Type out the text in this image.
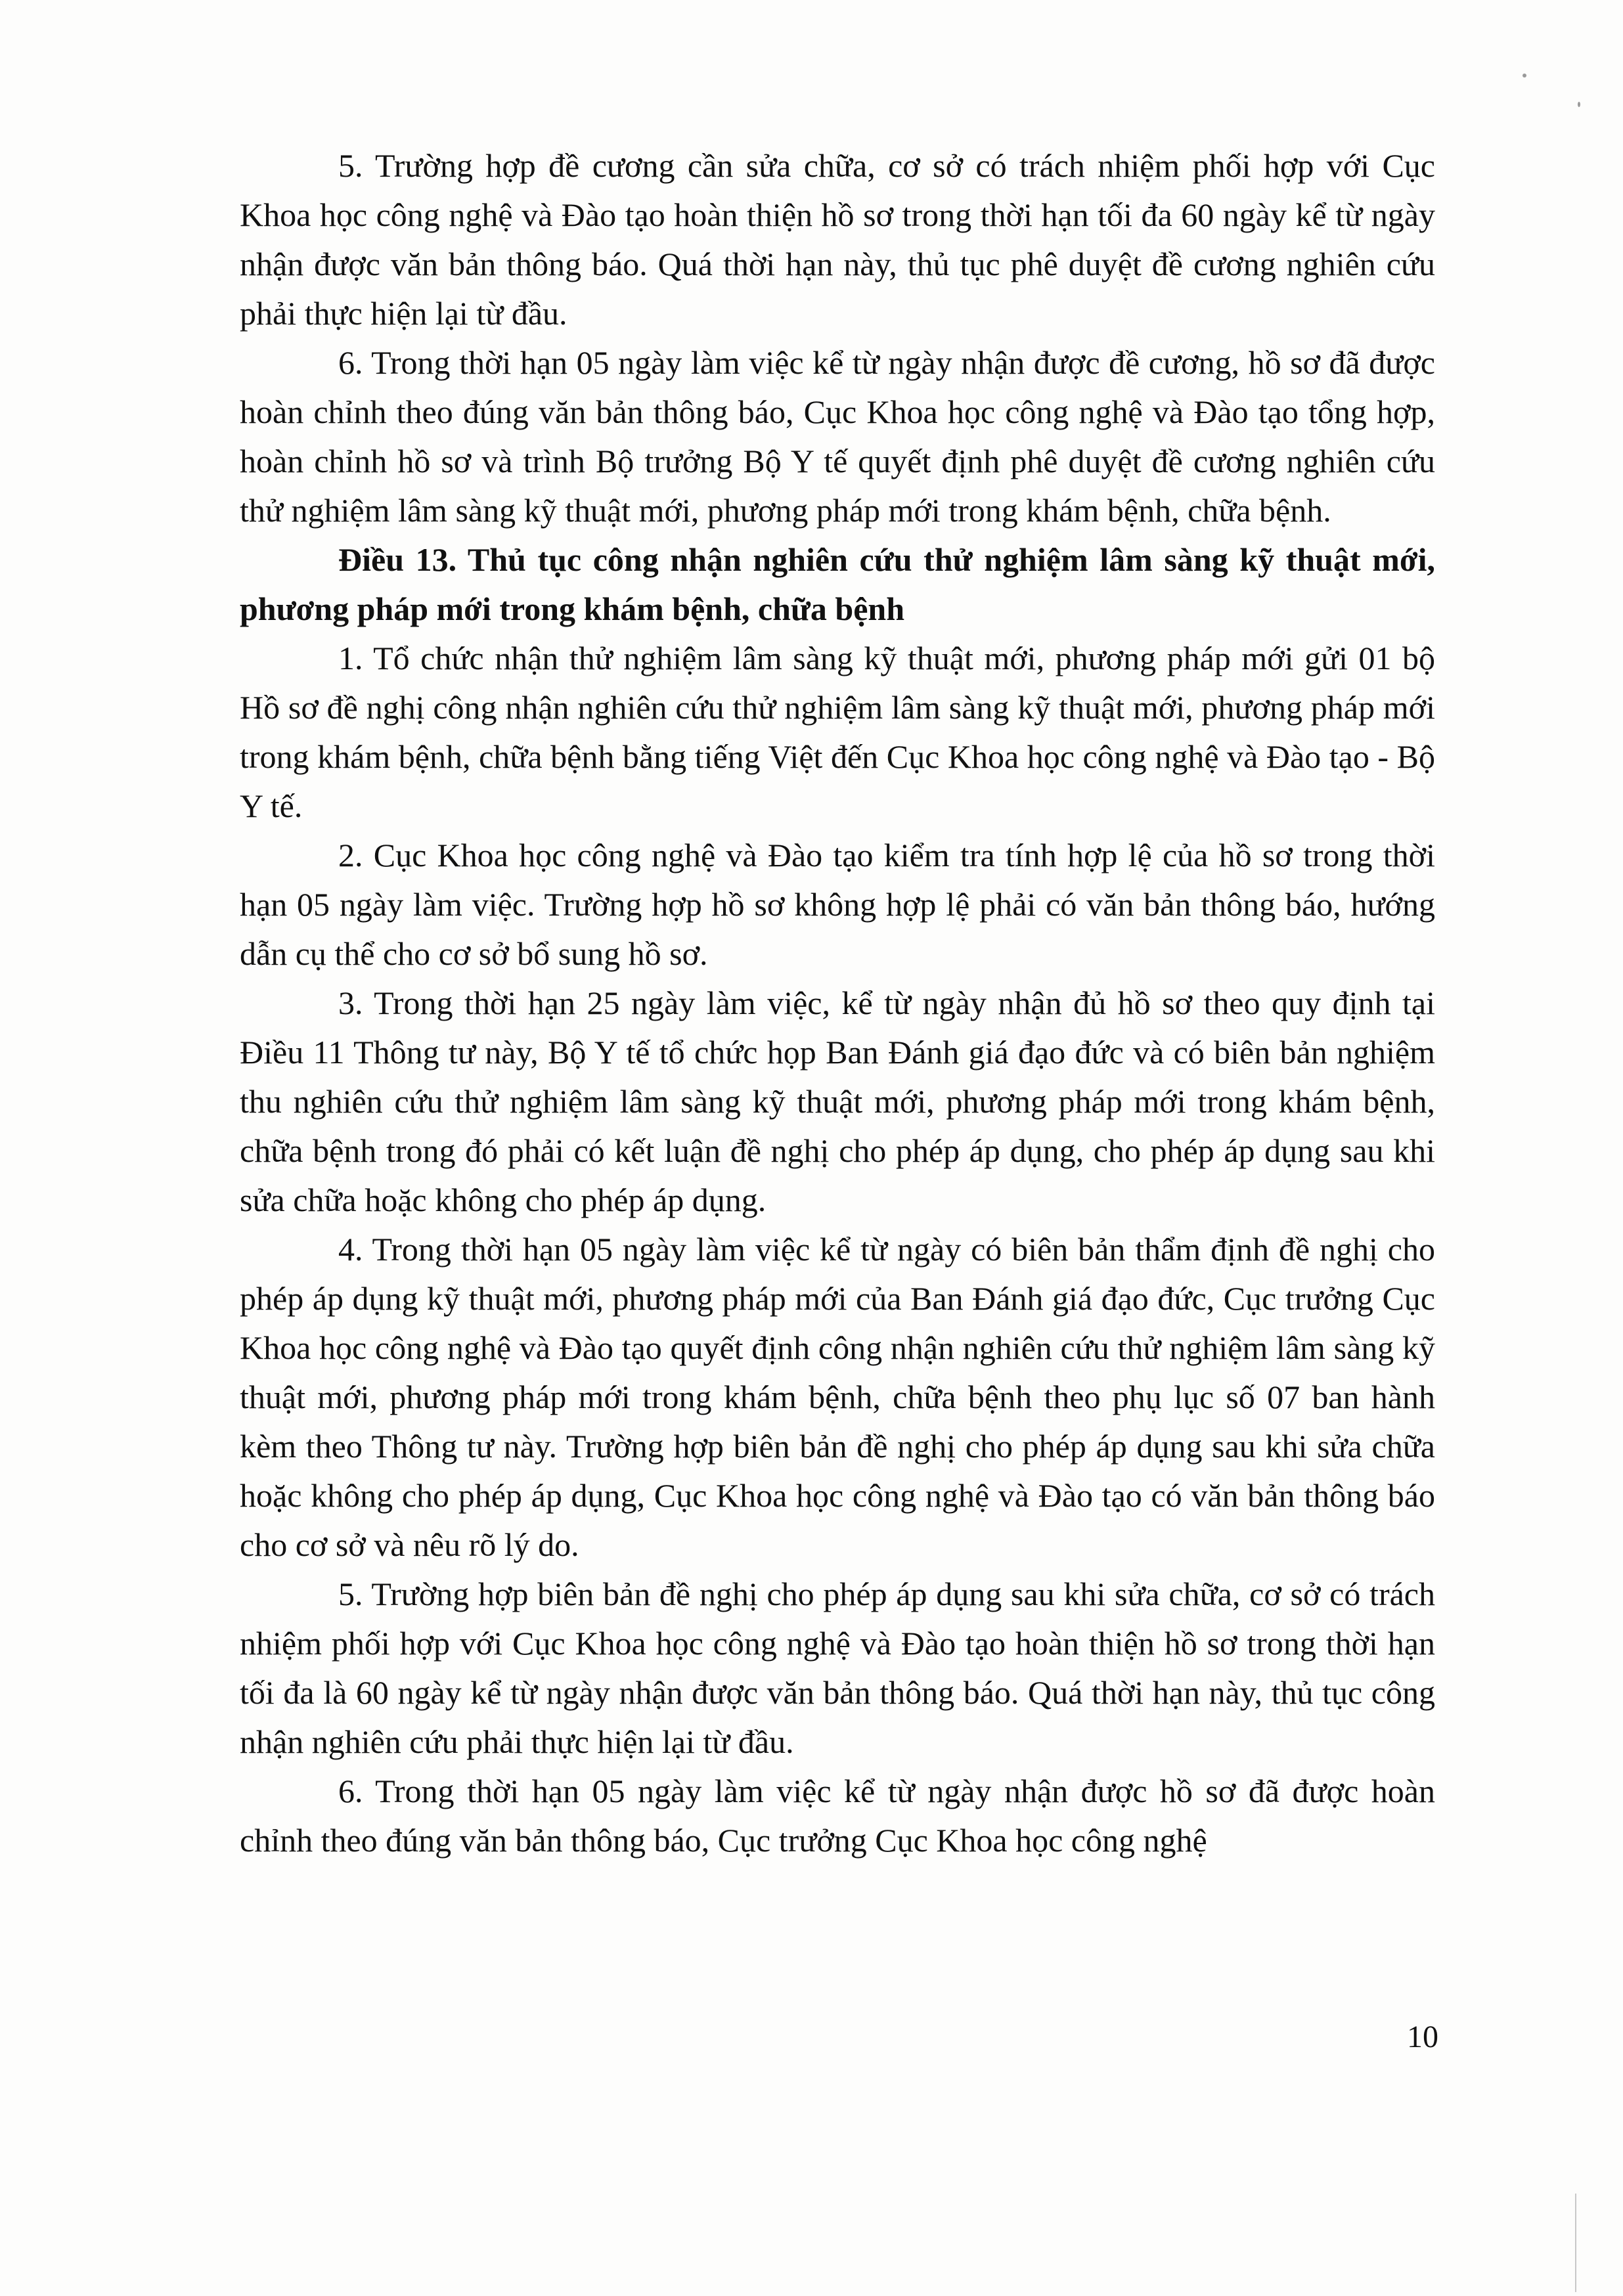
5. Trường hợp đề cương cần sửa chữa, cơ sở có trách nhiệm phối hợp với Cục Khoa học công nghệ và Đào tạo hoàn thiện hồ sơ trong thời hạn tối đa 60 ngày kể từ ngày nhận được văn bản thông báo. Quá thời hạn này, thủ tục phê duyệt đề cương nghiên cứu phải thực hiện lại từ đầu.

6. Trong thời hạn 05 ngày làm việc kể từ ngày nhận được đề cương, hồ sơ đã được hoàn chỉnh theo đúng văn bản thông báo, Cục Khoa học công nghệ và Đào tạo tổng hợp, hoàn chỉnh hồ sơ và trình Bộ trưởng Bộ Y tế quyết định phê duyệt đề cương nghiên cứu thử nghiệm lâm sàng kỹ thuật mới, phương pháp mới trong khám bệnh, chữa bệnh.

Điều 13. Thủ tục công nhận nghiên cứu thử nghiệm lâm sàng kỹ thuật mới, phương pháp mới trong khám bệnh, chữa bệnh

1. Tổ chức nhận thử nghiệm lâm sàng kỹ thuật mới, phương pháp mới gửi 01 bộ Hồ sơ đề nghị công nhận nghiên cứu thử nghiệm lâm sàng kỹ thuật mới, phương pháp mới trong khám bệnh, chữa bệnh bằng tiếng Việt đến Cục Khoa học công nghệ và Đào tạo - Bộ Y tế.

2. Cục Khoa học công nghệ và Đào tạo kiểm tra tính hợp lệ của hồ sơ trong thời hạn 05 ngày làm việc. Trường hợp hồ sơ không hợp lệ phải có văn bản thông báo, hướng dẫn cụ thể cho cơ sở bổ sung hồ sơ.

3. Trong thời hạn 25 ngày làm việc, kể từ ngày nhận đủ hồ sơ theo quy định tại Điều 11 Thông tư này, Bộ Y tế tổ chức họp Ban Đánh giá đạo đức và có biên bản nghiệm thu nghiên cứu thử nghiệm lâm sàng kỹ thuật mới, phương pháp mới trong khám bệnh, chữa bệnh trong đó phải có kết luận đề nghị cho phép áp dụng, cho phép áp dụng sau khi sửa chữa hoặc không cho phép áp dụng.

4. Trong thời hạn 05 ngày làm việc kể từ ngày có biên bản thẩm định đề nghị cho phép áp dụng kỹ thuật mới, phương pháp mới của Ban Đánh giá đạo đức, Cục trưởng Cục Khoa học công nghệ và Đào tạo quyết định công nhận nghiên cứu thử nghiệm lâm sàng kỹ thuật mới, phương pháp mới trong khám bệnh, chữa bệnh theo phụ lục số 07 ban hành kèm theo Thông tư này. Trường hợp biên bản đề nghị cho phép áp dụng sau khi sửa chữa hoặc không cho phép áp dụng, Cục Khoa học công nghệ và Đào tạo có văn bản thông báo cho cơ sở và nêu rõ lý do.

5. Trường hợp biên bản đề nghị cho phép áp dụng sau khi sửa chữa, cơ sở có trách nhiệm phối hợp với Cục Khoa học công nghệ và Đào tạo hoàn thiện hồ sơ trong thời hạn tối đa là 60 ngày kể từ ngày nhận được văn bản thông báo. Quá thời hạn này, thủ tục công nhận nghiên cứu phải thực hiện lại từ đầu.

6. Trong thời hạn 05 ngày làm việc kể từ ngày nhận được hồ sơ đã được hoàn chỉnh theo đúng văn bản thông báo, Cục trưởng Cục Khoa học công nghệ

10
